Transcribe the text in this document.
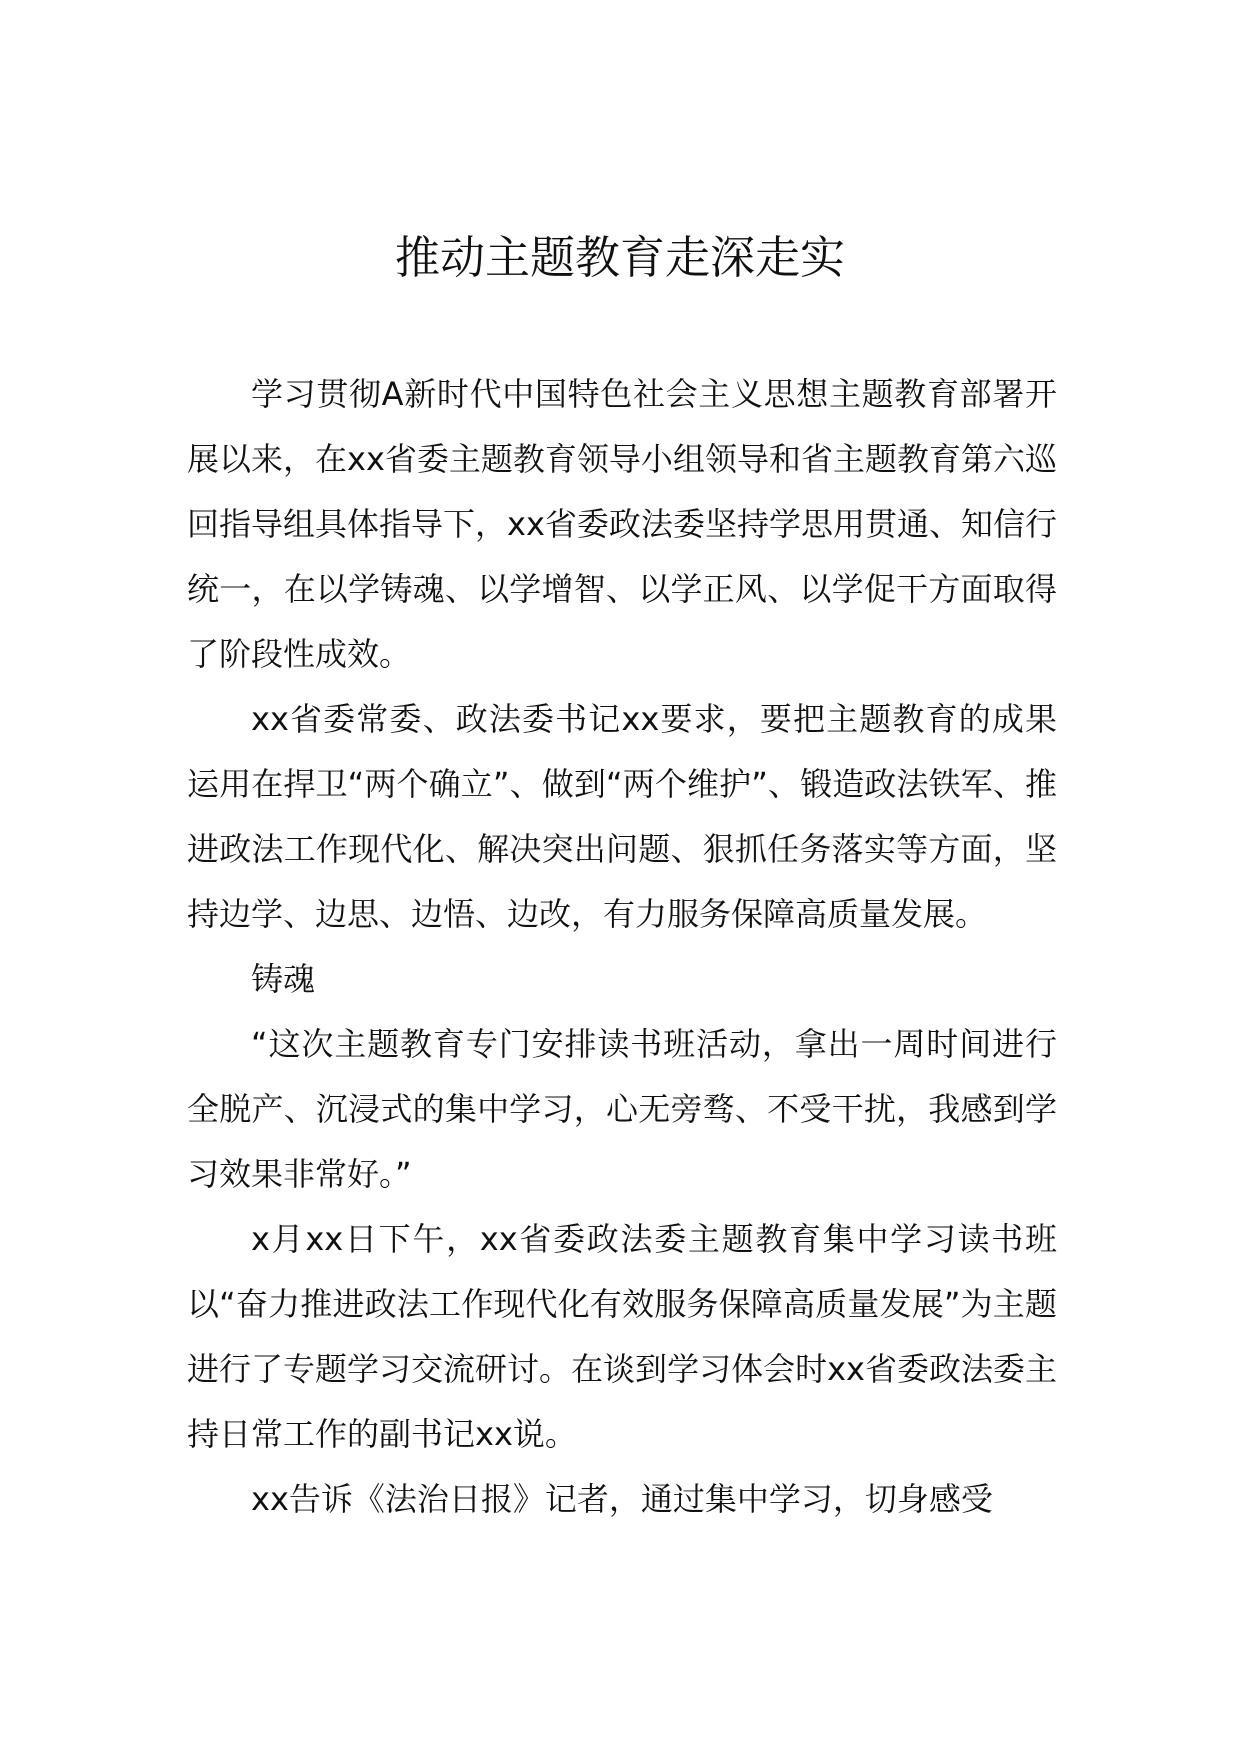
推动主题教育走深走实

学习贯彻A新时代中国特色社会主义思想主题教育部署开展以来，在xx省委主题教育领导小组领导和省主题教育第六巡回指导组具体指导下，xx省委政法委坚持学思用贯通、知信行统一，在以学铸魂、以学增智、以学正风、以学促干方面取得了阶段性成效。

xx省委常委、政法委书记xx要求，要把主题教育的成果运用在捍卫“两个确立”、做到“两个维护”、锻造政法铁军、推进政法工作现代化、解决突出问题、狠抓任务落实等方面，坚持边学、边思、边悟、边改，有力服务保障高质量发展。

铸魂

“这次主题教育专门安排读书班活动，拿出一周时间进行全脱产、沉浸式的集中学习，心无旁骛、不受干扰，我感到学习效果非常好。”

x月xx日下午，xx省委政法委主题教育集中学习读书班以“奋力推进政法工作现代化有效服务保障高质量发展”为主题进行了专题学习交流研讨。在谈到学习体会时xx省委政法委主持日常工作的副书记xx说。

xx告诉《法治日报》记者，通过集中学习，切身感受
